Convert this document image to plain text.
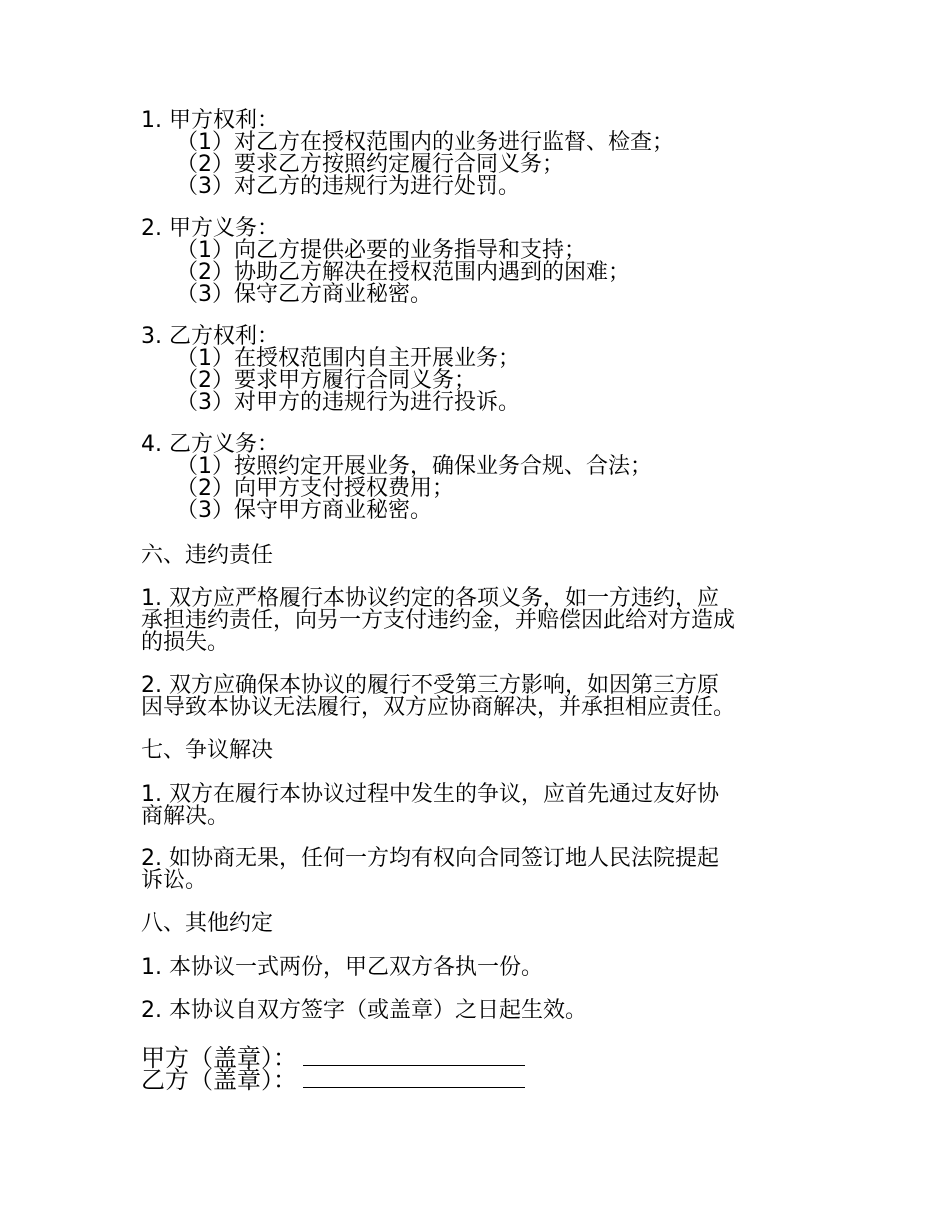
1. 甲方权利：
（1）对乙方在授权范围内的业务进行监督、检查；
（2）要求乙方按照约定履行合同义务；
（3）对乙方的违规行为进行处罚。
2. 甲方义务：
（1）向乙方提供必要的业务指导和支持；
（2）协助乙方解决在授权范围内遇到的困难；
（3）保守乙方商业秘密。
3. 乙方权利：
（1）在授权范围内自主开展业务；
（2）要求甲方履行合同义务；
（3）对甲方的违规行为进行投诉。
4. 乙方义务：
（1）按照约定开展业务，确保业务合规、合法；
（2）向甲方支付授权费用；
（3）保守甲方商业秘密。
六、违约责任
1. 双方应严格履行本协议约定的各项义务，如一方违约，应
承担违约责任，向另一方支付违约金，并赔偿因此给对方造成
的损失。
2. 双方应确保本协议的履行不受第三方影响，如因第三方原
因导致本协议无法履行，双方应协商解决，并承担相应责任。
七、争议解决
1. 双方在履行本协议过程中发生的争议，应首先通过友好协
商解决。
2. 如协商无果，任何一方均有权向合同签订地人民法院提起
诉讼。
八、其他约定
1. 本协议一式两份，甲乙双方各执一份。
2. 本协议自双方签字（或盖章）之日起生效。
甲方（盖章）：
乙方（盖章）：
